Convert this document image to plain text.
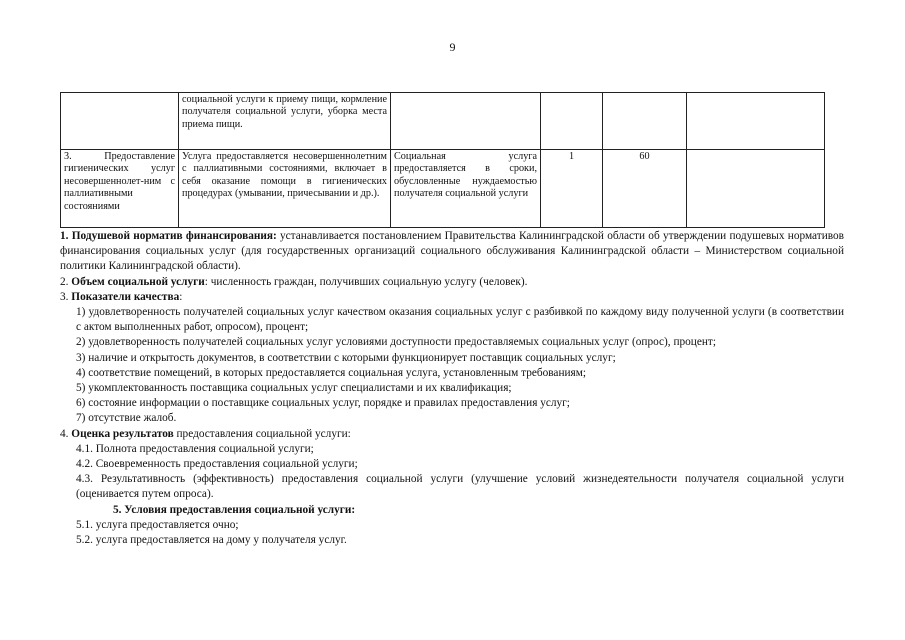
9
	социальной услуги к приему пищи, кормление получателя социальной услуги, уборка места приема пищи.				
3. Предоставление гигиенических услуг несовершеннолет-ним с паллиативными состояниями	Услуга предоставляется несовершеннолетним с паллиативными состояниями, включает в себя оказание помощи в гигиенических процедурах (умывании, причесывании и др.).	Социальная услуга предоставляется в сроки, обусловленные нуждаемостью получателя социальной услуги	1	60	

1. Подушевой норматив финансирования: устанавливается постановлением Правительства Калининградской области об утверждении подушевых нормативов финансирования социальных услуг (для государственных организаций социального обслуживания Калининградской области – Министерством социальной политики Калининградской области).

2. Объем социальной услуги: численность граждан, получивших социальную услугу (человек).

3. Показатели качества:

1) удовлетворенность получателей социальных услуг качеством оказания социальных услуг с разбивкой по каждому виду полученной услуги (в соответствии с актом выполненных работ, опросом), процент;

2) удовлетворенность получателей социальных услуг условиями доступности предоставляемых социальных услуг (опрос), процент;

3) наличие и открытость документов, в соответствии с которыми функционирует поставщик социальных услуг;

4) соответствие помещений, в которых предоставляется социальная услуга, установленным требованиям;

5) укомплектованность поставщика социальных услуг специалистами и их квалификация;

6) состояние информации о поставщике социальных услуг, порядке и правилах предоставления услуг;

7) отсутствие жалоб.

4. Оценка результатов предоставления социальной услуги:

4.1. Полнота предоставления социальной услуги;

4.2. Своевременность предоставления социальной услуги;

4.3. Результативность (эффективность) предоставления социальной услуги (улучшение условий жизнедеятельности получателя социальной услуги (оценивается путем опроса).

5. Условия предоставления социальной услуги:

5.1. услуга предоставляется очно;

5.2. услуга предоставляется на дому у получателя услуг.
